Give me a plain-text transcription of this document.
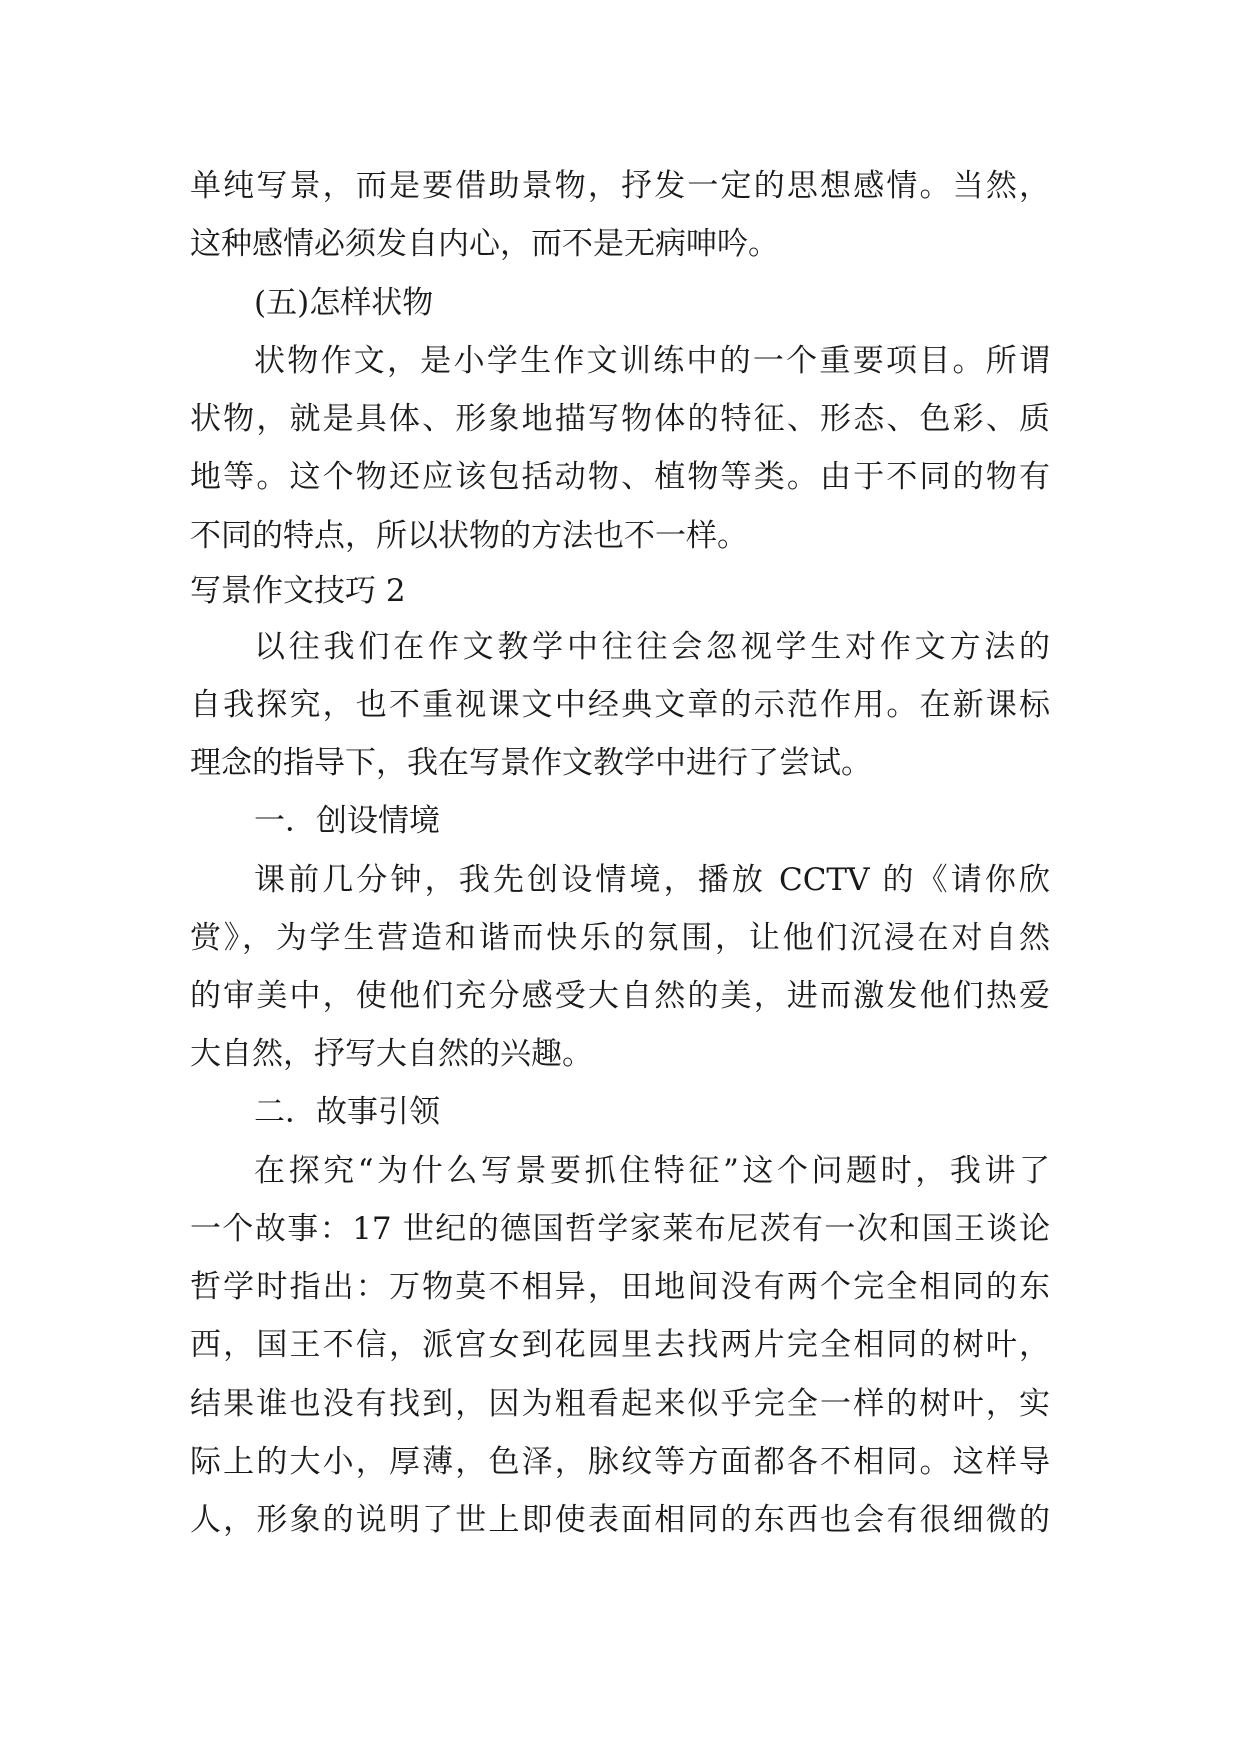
单纯写景，而是要借助景物，抒发一定的思想感情。当然，

这种感情必须发自内心，而不是无病呻吟。

(五)怎样状物

状物作文，是小学生作文训练中的一个重要项目。所谓

状物，就是具体、形象地描写物体的特征、形态、色彩、质

地等。这个物还应该包括动物、植物等类。由于不同的物有

不同的特点，所以状物的方法也不一样。

写景作文技巧 2

以往我们在作文教学中往往会忽视学生对作文方法的

自我探究，也不重视课文中经典文章的示范作用。在新课标

理念的指导下，我在写景作文教学中进行了尝试。

一．创设情境

课前几分钟，我先创设情境，播放 CCTV 的《请你欣

赏》，为学生营造和谐而快乐的氛围，让他们沉浸在对自然

的审美中，使他们充分感受大自然的美，进而激发他们热爱

大自然，抒写大自然的兴趣。

二．故事引领

在探究“为什么写景要抓住特征”这个问题时，我讲了

一个故事：17 世纪的德国哲学家莱布尼茨有一次和国王谈论

哲学时指出：万物莫不相异，田地间没有两个完全相同的东

西，国王不信，派宫女到花园里去找两片完全相同的树叶，

结果谁也没有找到，因为粗看起来似乎完全一样的树叶，实

际上的大小，厚薄，色泽，脉纹等方面都各不相同。这样导

人，形象的说明了世上即使表面相同的东西也会有很细微的
